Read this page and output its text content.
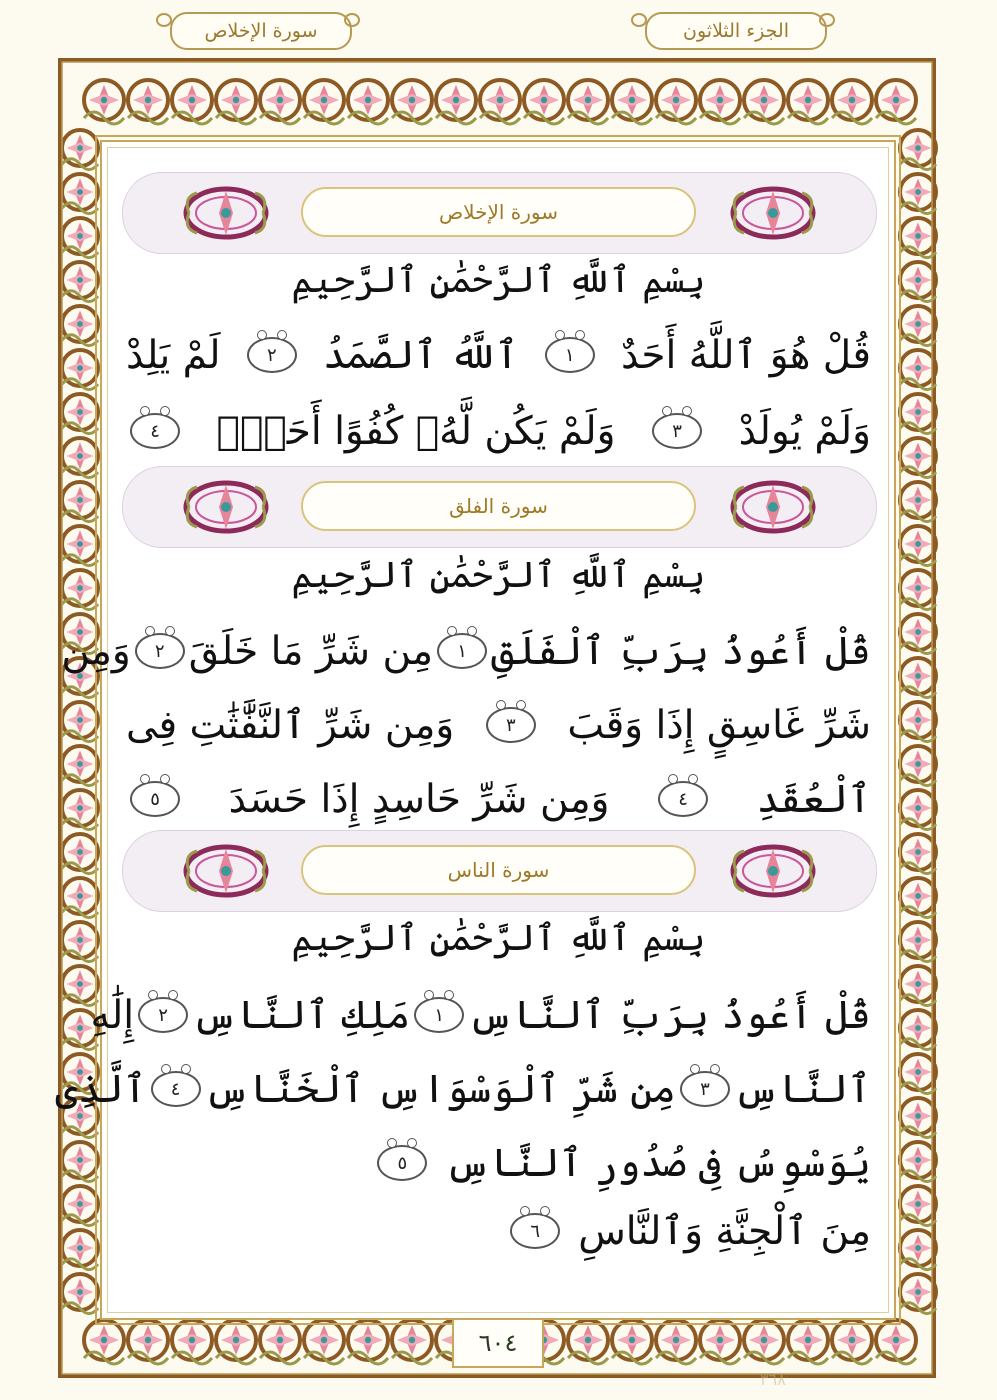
سورة الإخلاص	الجزء الثلاثون
سورة الإخلاص
بِسْمِ ٱللَّهِ ٱلرَّحْمَٰنِ ٱلرَّحِيمِ
قُلْ هُوَ ٱللَّهُ أَحَدٌ
١
ٱللَّهُ ٱلصَّمَدُ
٢
لَمْ يَلِدْ
وَلَمْ يُولَدْ
٣
وَلَمْ يَكُن لَّهُۥ كُفُوًا أَحَدٌۢ
٤
سورة الفلق
بِسْمِ ٱللَّهِ ٱلرَّحْمَٰنِ ٱلرَّحِيمِ
قُلْ أَعُوذُ بِرَبِّ ٱلْفَلَقِ
١
مِن شَرِّ مَا خَلَقَ
٢
وَمِن
شَرِّ غَاسِقٍ إِذَا وَقَبَ
٣
وَمِن شَرِّ ٱلنَّفَّٰثَٰتِ فِى
ٱلْعُقَدِ
٤
وَمِن شَرِّ حَاسِدٍ إِذَا حَسَدَ
٥
سورة الناس
بِسْمِ ٱللَّهِ ٱلرَّحْمَٰنِ ٱلرَّحِيمِ
قُلْ أَعُوذُ بِرَبِّ ٱلنَّاسِ
١
مَلِكِ ٱلنَّاسِ
٢
إِلَٰهِ
ٱلنَّاسِ
٣
مِن شَرِّ ٱلْوَسْوَاسِ ٱلْخَنَّاسِ
٤
ٱلَّذِى
يُوَسْوِسُ فِى صُدُورِ ٱلنَّاسِ
٥
مِنَ ٱلْجِنَّةِ وَٱلنَّاسِ
٦
٦٠٤
٣٦٨
